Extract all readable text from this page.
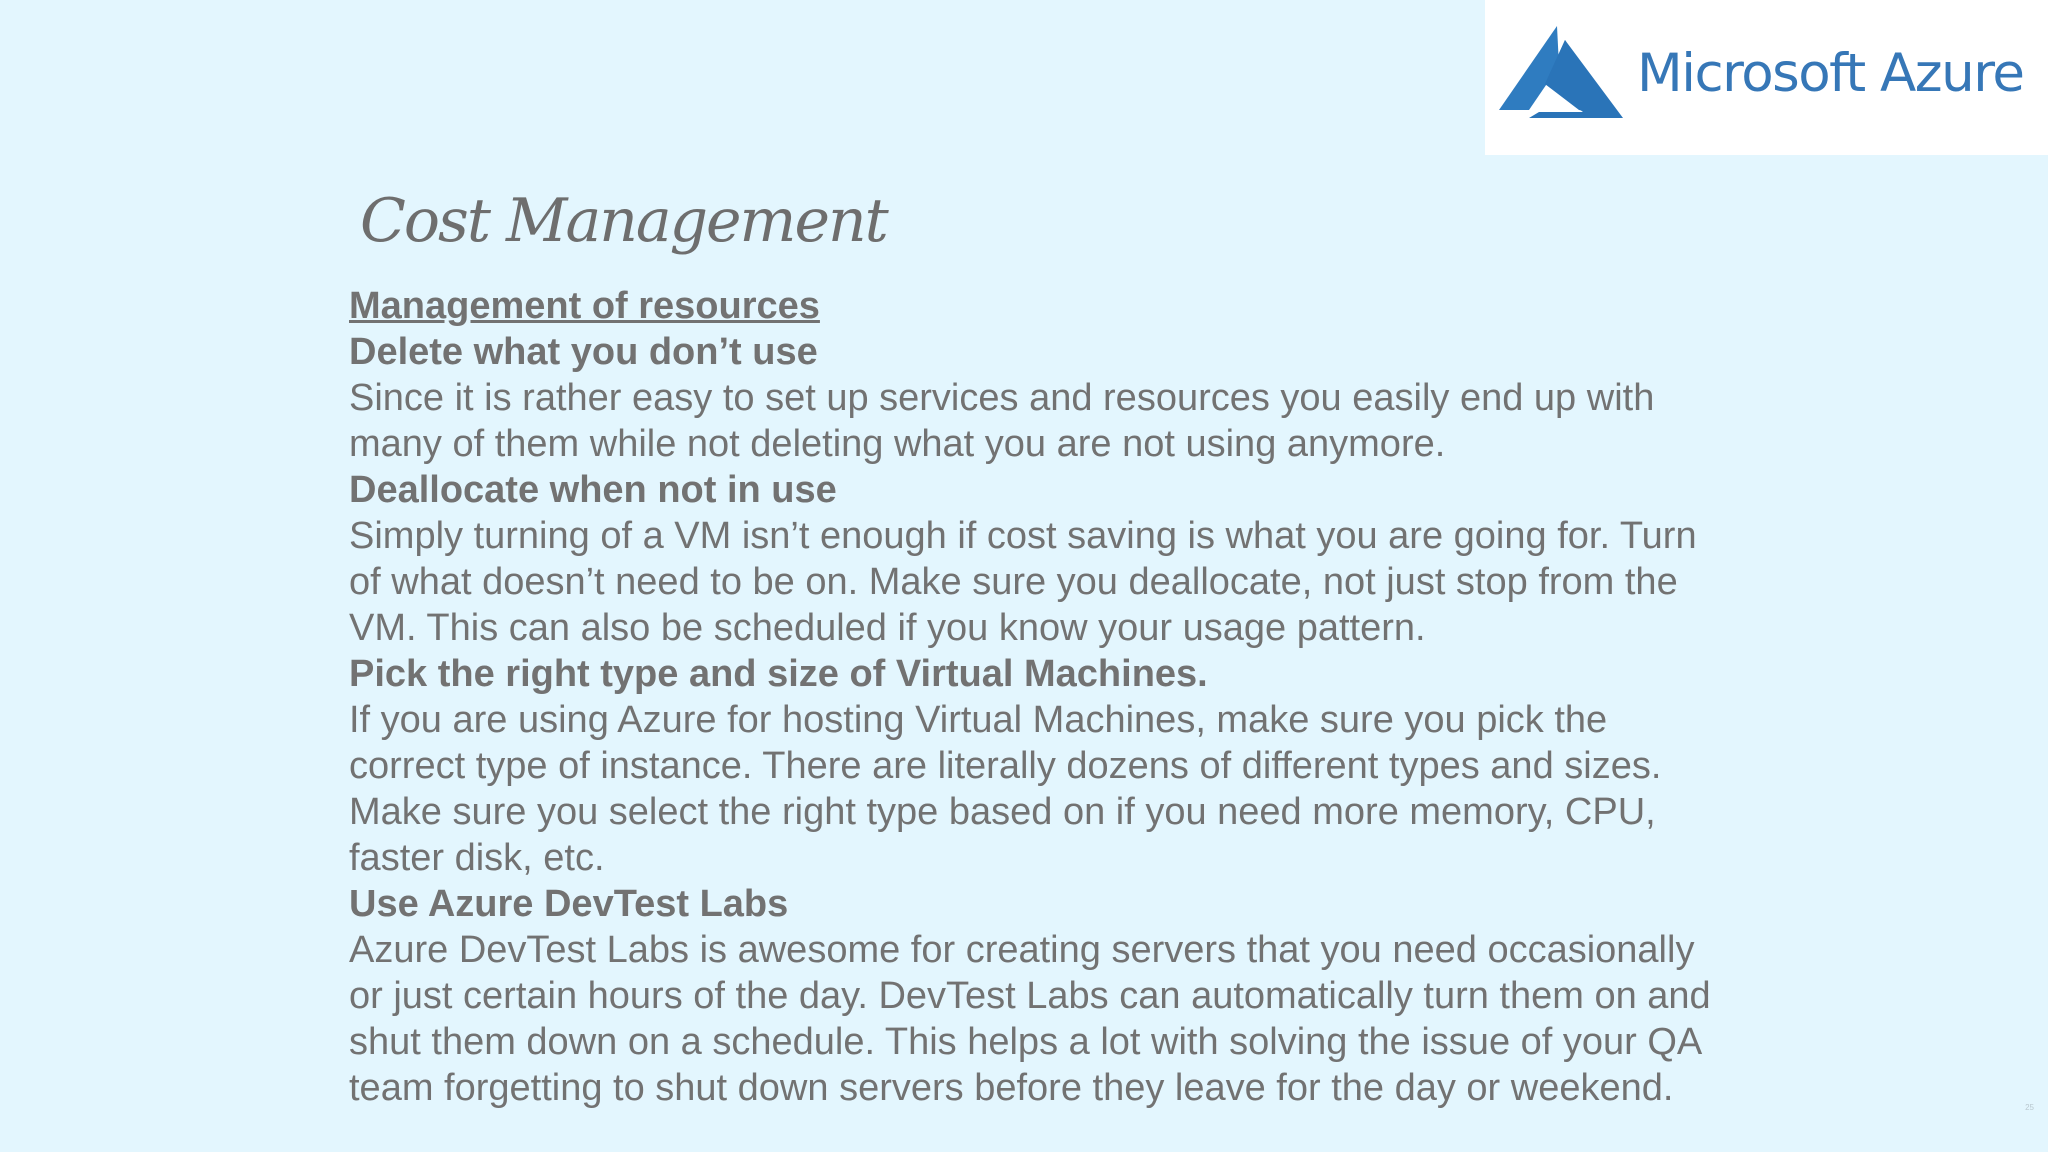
Microsoft Azure
Cost Management

Management of resources

Delete what you don’t use

Since it is rather easy to set up services and resources you easily end up with

many of them while not deleting what you are not using anymore.

Deallocate when not in use

Simply turning of a VM isn’t enough if cost saving is what you are going for. Turn

of what doesn’t need to be on. Make sure you deallocate, not just stop from the

VM. This can also be scheduled if you know your usage pattern.

Pick the right type and size of Virtual Machines.

If you are using Azure for hosting Virtual Machines, make sure you pick the

correct type of instance. There are literally dozens of different types and sizes.

Make sure you select the right type based on if you need more memory, CPU,

faster disk, etc.

Use Azure DevTest Labs

Azure DevTest Labs is awesome for creating servers that you need occasionally

or just certain hours of the day. DevTest Labs can automatically turn them on and

shut them down on a schedule. This helps a lot with solving the issue of your QA

team forgetting to shut down servers before they leave for the day or weekend.	25
